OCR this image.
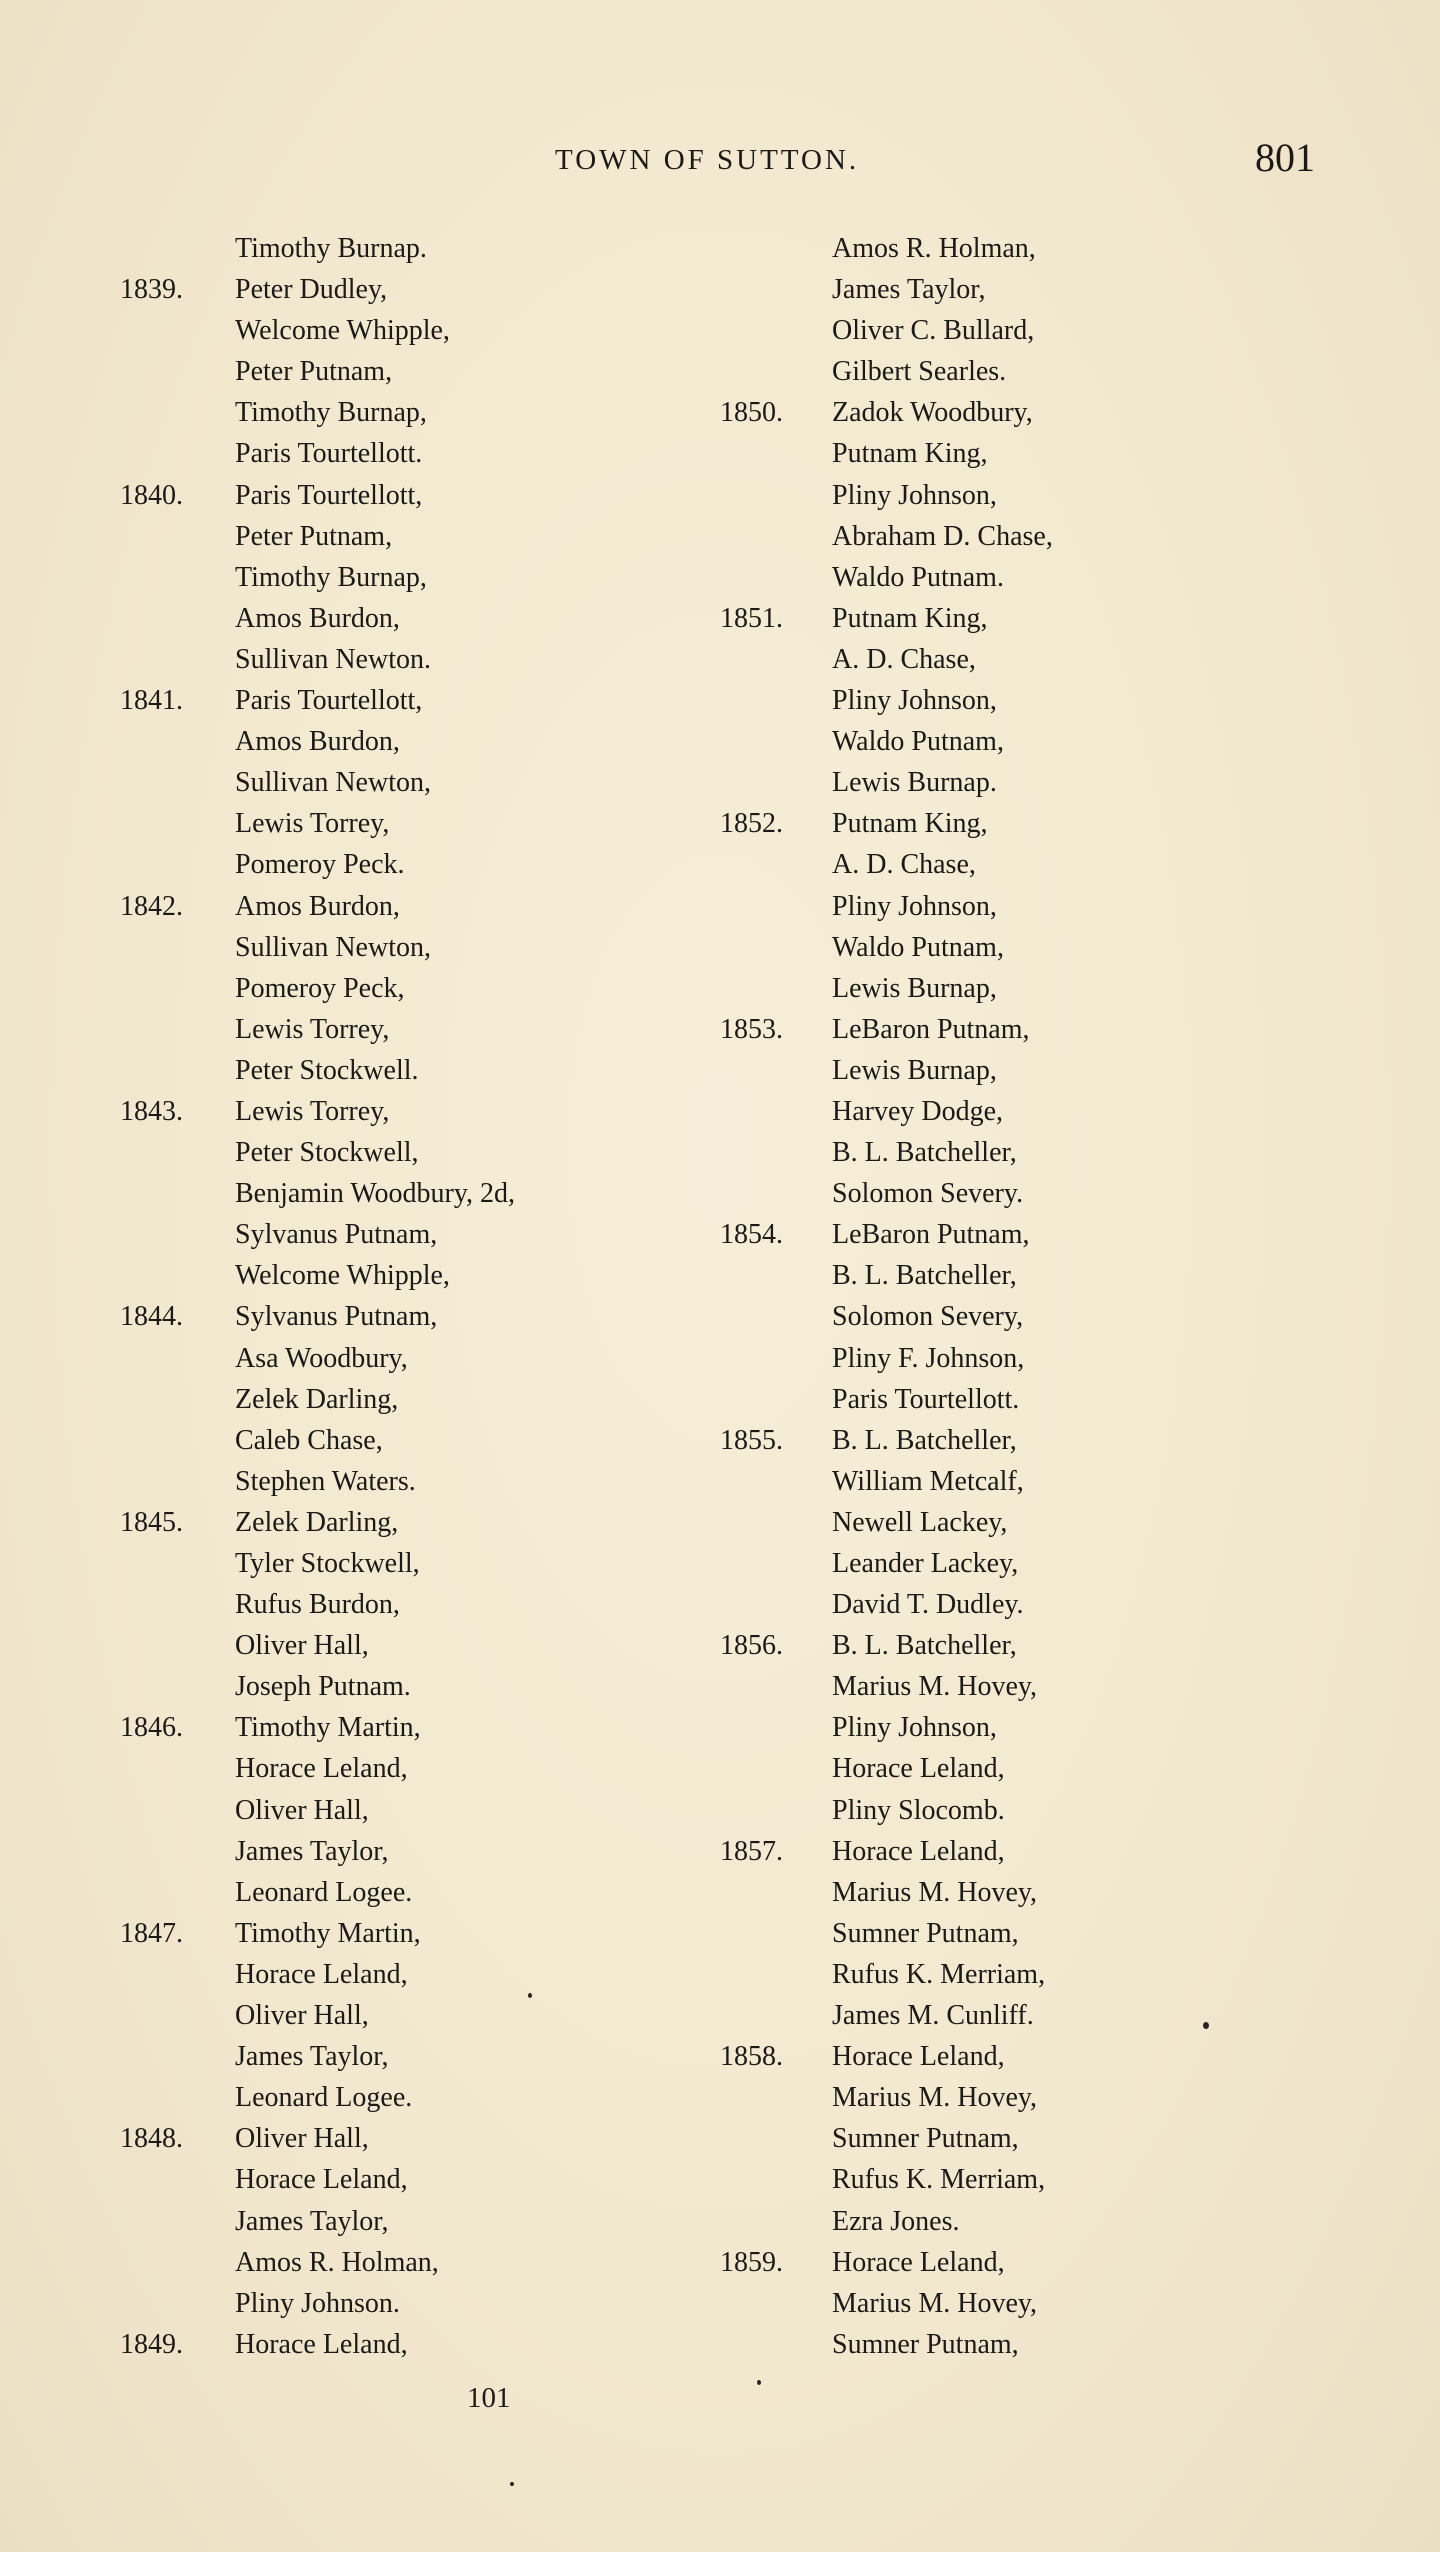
TOWN OF SUTTON.	801
Timothy Burnap.
1839. Peter Dudley,
Welcome Whipple,
Peter Putnam,
Timothy Burnap,
Paris Tourtellott.
1840. Paris Tourtellott,
Peter Putnam,
Timothy Burnap,
Amos Burdon,
Sullivan Newton.
1841. Paris Tourtellott,
Amos Burdon,
Sullivan Newton,
Lewis Torrey,
Pomeroy Peck.
1842. Amos Burdon,
Sullivan Newton,
Pomeroy Peck,
Lewis Torrey,
Peter Stockwell.
1843. Lewis Torrey,
Peter Stockwell,
Benjamin Woodbury, 2d,
Sylvanus Putnam,
Welcome Whipple,
1844. Sylvanus Putnam,
Asa Woodbury,
Zelek Darling,
Caleb Chase,
Stephen Waters.
1845. Zelek Darling,
Tyler Stockwell,
Rufus Burdon,
Oliver Hall,
Joseph Putnam.
1846. Timothy Martin,
Horace Leland,
Oliver Hall,
James Taylor,
Leonard Logee.
1847. Timothy Martin,
Horace Leland,
Oliver Hall,
James Taylor,
Leonard Logee.
1848. Oliver Hall,
Horace Leland,
James Taylor,
Amos R. Holman,
Pliny Johnson.
1849. Horace Leland,
Amos R. Holman,
James Taylor,
Oliver C. Bullard,
Gilbert Searles.
1850. Zadok Woodbury,
Putnam King,
Pliny Johnson,
Abraham D. Chase,
Waldo Putnam.
1851. Putnam King,
A. D. Chase,
Pliny Johnson,
Waldo Putnam,
Lewis Burnap.
1852. Putnam King,
A. D. Chase,
Pliny Johnson,
Waldo Putnam,
Lewis Burnap,
1853. LeBaron Putnam,
Lewis Burnap,
Harvey Dodge,
B. L. Batcheller,
Solomon Severy.
1854. LeBaron Putnam,
B. L. Batcheller,
Solomon Severy,
Pliny F. Johnson,
Paris Tourtellott.
1855. B. L. Batcheller,
William Metcalf,
Newell Lackey,
Leander Lackey,
David T. Dudley.
1856. B. L. Batcheller,
Marius M. Hovey,
Pliny Johnson,
Horace Leland,
Pliny Slocomb.
1857. Horace Leland,
Marius M. Hovey,
Sumner Putnam,
Rufus K. Merriam,
James M. Cunliff.
1858. Horace Leland,
Marius M. Hovey,
Sumner Putnam,
Rufus K. Merriam,
Ezra Jones.
1859. Horace Leland,
Marius M. Hovey,
Sumner Putnam,
101
